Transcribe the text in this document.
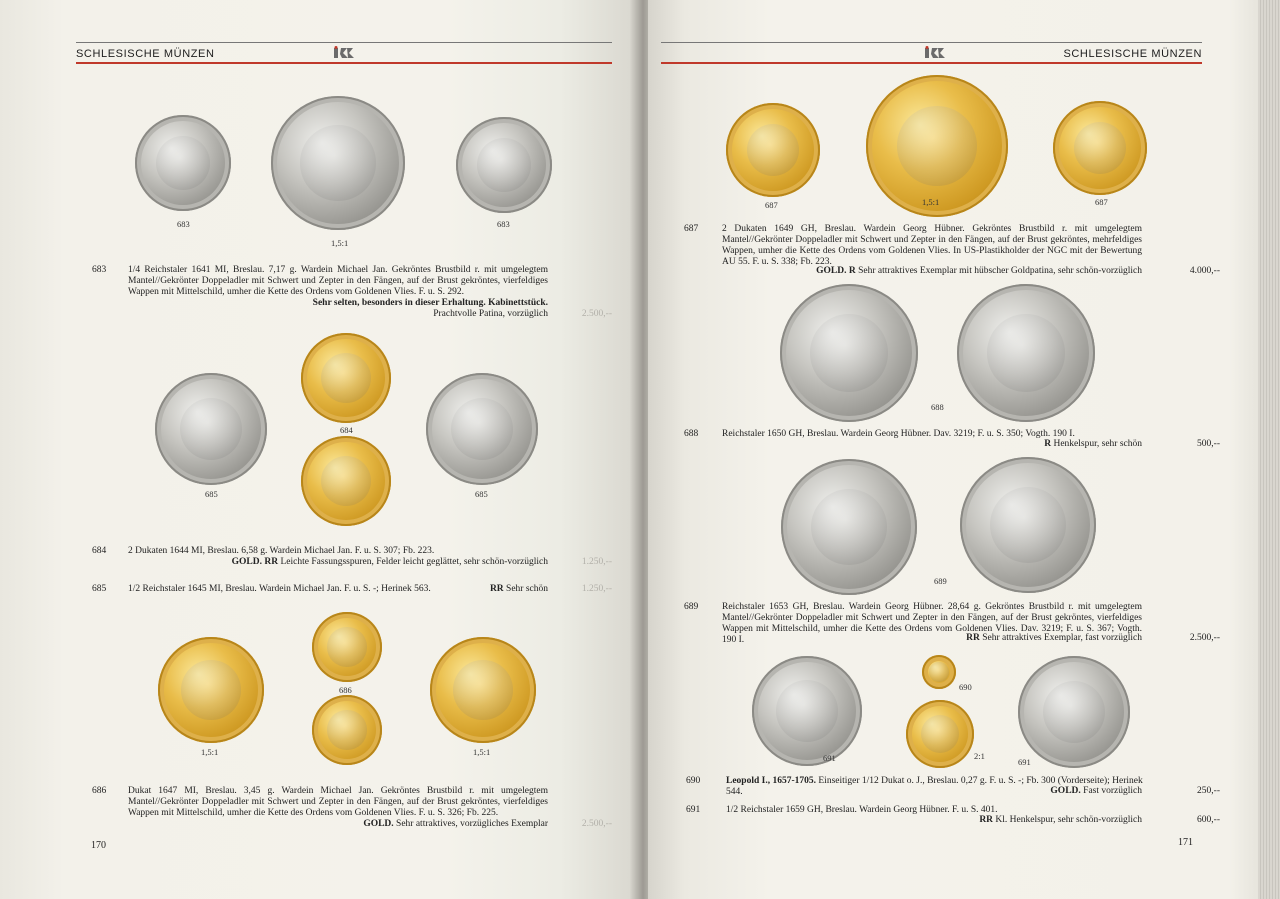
SCHLESISCHE MÜNZEN
683	683
1,5:1
683 1/4 Reichstaler 1641 MI, Breslau. 7,17 g. Wardein Michael Jan. Gekröntes Brustbild r. mit umgelegtem Mantel//Gekrönter Doppeladler mit Schwert und Zepter in den Fängen, auf der Brust gekröntes, vierfeldiges Wappen mit Mittelschild, umher die Kette des Ordens vom Goldenen Vlies. F. u. S. 292.
Sehr selten, besonders in dieser Erhaltung. Kabinettstück.
Prachtvolle Patina, vorzüglich	2.500,--
684
685	685
684 2 Dukaten 1644 MI, Breslau. 6,58 g. Wardein Michael Jan. F. u. S. 307; Fb. 223.
GOLD. RR Leichte Fassungsspuren, Felder leicht geglättet, sehr schön-vorzüglich	1.250,--
685 1/2 Reichstaler 1645 MI, Breslau. Wardein Michael Jan. F. u. S. -; Herinek 563.	RR Sehr schön	1.250,--
686
1,5:1	1,5:1
686 Dukat 1647 MI, Breslau. 3,45 g. Wardein Michael Jan. Gekröntes Brustbild r. mit umgelegtem Mantel//Gekrönter Doppeladler mit Schwert und Zepter in den Fängen, auf der Brust gekröntes, vierfeldiges Wappen mit Mittelschild, umher die Kette des Ordens vom Goldenen Vlies. F. u. S. 326; Fb. 225.
GOLD. Sehr attraktives, vorzügliches Exemplar	2.500,--
170
SCHLESISCHE MÜNZEN
687	1,5:1	687
687	2 Dukaten 1649 GH, Breslau. Wardein Georg Hübner. Gekröntes Brustbild r. mit umgelegtem Mantel//Gekrönter Doppeladler mit Schwert und Zepter in den Fängen, auf der Brust gekröntes, mehrfeldiges Wappen, umher die Kette des Ordens vom Goldenen Vlies. In US-Plastikholder der NGC mit der Bewertung AU 55. F. u. S. 338; Fb. 223.
GOLD. R Sehr attraktives Exemplar mit hübscher Goldpatina, sehr schön-vorzüglich	4.000,--
688
688	Reichstaler 1650 GH, Breslau. Wardein Georg Hübner. Dav. 3219; F. u. S. 350; Vogth. 190 I.
R Henkelspur, sehr schön	500,--
689
689	Reichstaler 1653 GH, Breslau. Wardein Georg Hübner. 28,64 g. Gekröntes Brustbild r. mit umgelegtem Mantel//Gekrönter Doppeladler mit Schwert und Zepter in den Fängen, auf der Brust gekröntes, vierfeldiges Wappen mit Mittelschild, umher die Kette des Ordens vom Goldenen Vlies. Dav. 3219; F. u. S. 367; Vogth. 190 I.	RR Sehr attraktives Exemplar, fast vorzüglich	2.500,--
690
691	2:1
691
690	Leopold I., 1657-1705. Einseitiger 1/12 Dukat o. J., Breslau. 0,27 g. F. u. S. -; Fb. 300 (Vorderseite); Herinek 544.	GOLD. Fast vorzüglich	250,--
691	1/2 Reichstaler 1659 GH, Breslau. Wardein Georg Hübner. F. u. S. 401.
RR Kl. Henkelspur, sehr schön-vorzüglich	600,--
171
